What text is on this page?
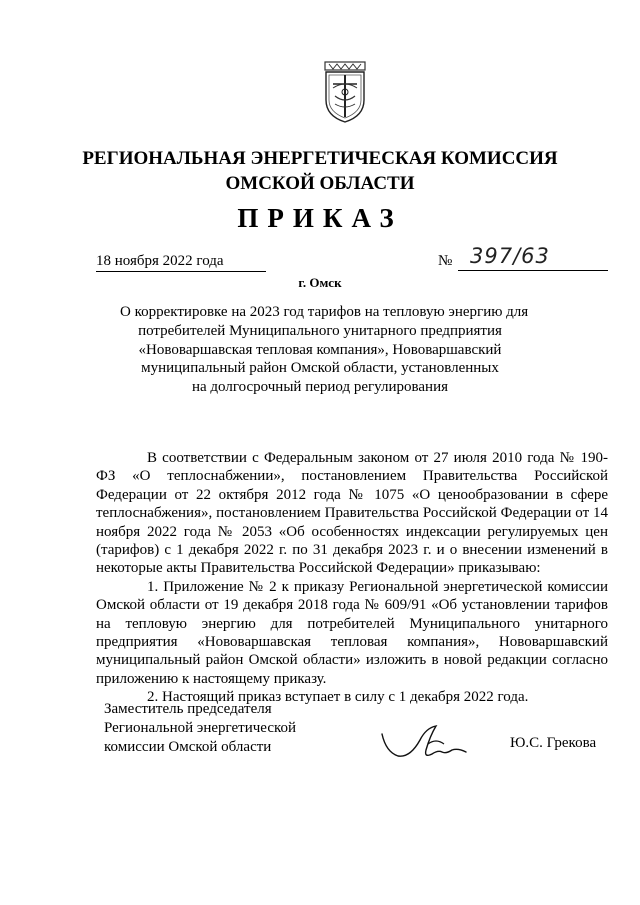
РЕГИОНАЛЬНАЯ ЭНЕРГЕТИЧЕСКАЯ КОМИССИЯ
ОМСКОЙ ОБЛАСТИ
ПРИКАЗ
18 ноября 2022 года	№ 397/63
г. Омск
О корректировке на 2023 год тарифов на тепловую энергию для
потребителей Муниципального унитарного предприятия
«Нововаршавская тепловая компания», Нововаршавский
муниципальный район Омской области, установленных
на долгосрочный период регулирования

В соответствии с Федеральным законом от 27 июля 2010 года № 190-ФЗ «О теплоснабжении», постановлением Правительства Российской Федерации от 22 октября 2012 года № 1075 «О ценообразовании в сфере теплоснабжения», постановлением Правительства Российской Федерации от 14 ноября 2022 года № 2053 «Об особенностях индексации регулируемых цен (тарифов) с 1 декабря 2022 г. по 31 декабря 2023 г. и о внесении изменений в некоторые акты Правительства Российской Федерации» приказываю:

1. Приложение № 2 к приказу Региональной энергетической комиссии Омской области от 19 декабря 2018 года № 609/91 «Об установлении тарифов на тепловую энергию для потребителей Муниципального унитарного предприятия «Нововаршавская тепловая компания», Нововаршавский муниципальный район Омской области» изложить в новой редакции согласно приложению к настоящему приказу.

2. Настоящий приказ вступает в силу с 1 декабря 2022 года.

Заместитель председателя
Региональной энергетической
комиссии Омской области	Ю.С. Грекова
